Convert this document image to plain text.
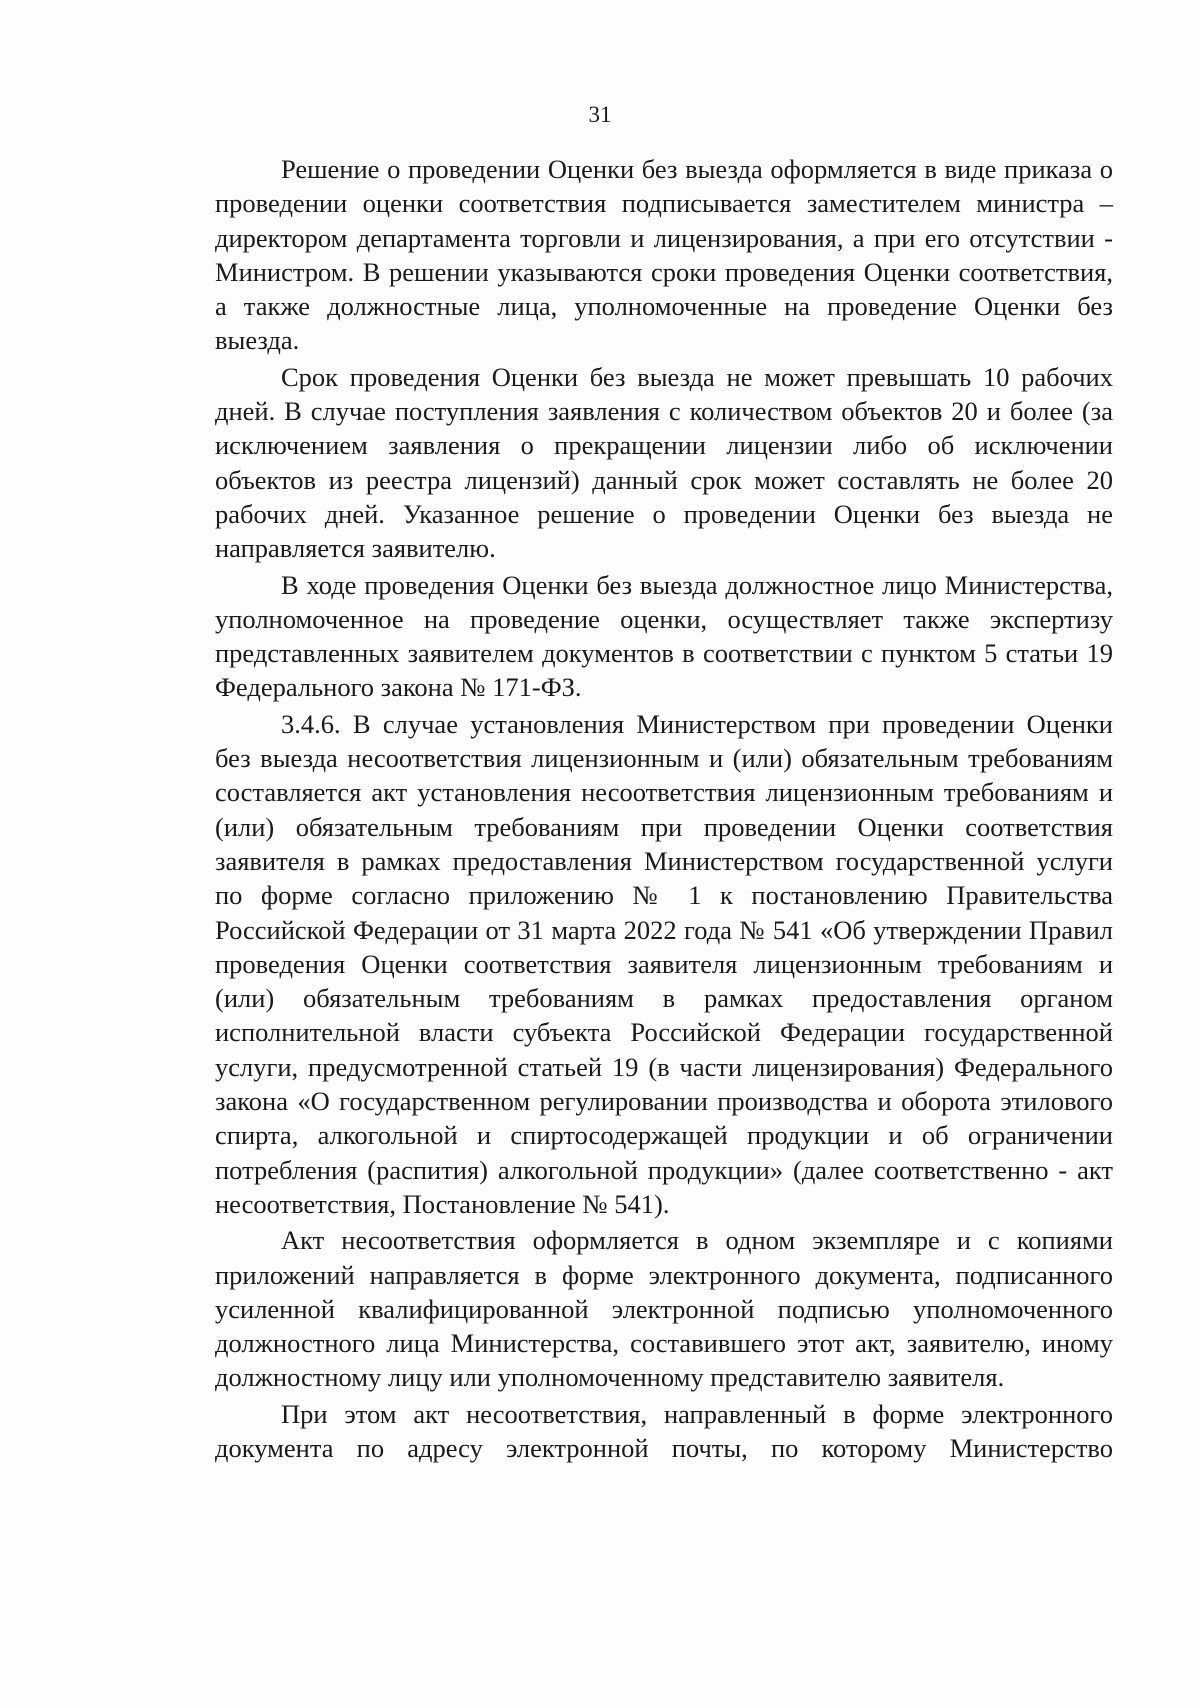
31

Решение о проведении Оценки без выезда оформляется в виде приказа о проведении оценки соответствия подписывается заместителем министра – директором департамента торговли и лицензирования, а при его отсутствии - Министром. В решении указываются сроки проведения Оценки соответствия, а также должностные лица, уполномоченные на проведение Оценки без выезда.

Срок проведения Оценки без выезда не может превышать 10 рабочих дней. В случае поступления заявления с количеством объектов 20 и более (за исключением заявления о прекращении лицензии либо об исключении объектов из реестра лицензий) данный срок может составлять не более 20 рабочих дней. Указанное решение о проведении Оценки без выезда не направляется заявителю.

В ходе проведения Оценки без выезда должностное лицо Министерства, уполномоченное на проведение оценки, осуществляет также экспертизу представленных заявителем документов в соответствии с пунктом 5 статьи 19 Федерального закона № 171-ФЗ.

3.4.6. В случае установления Министерством при проведении Оценки без выезда несоответствия лицензионным и (или) обязательным требованиям составляется акт установления несоответствия лицензионным требованиям и (или) обязательным требованиям при проведении Оценки соответствия заявителя в рамках предоставления Министерством государственной услуги по форме согласно приложению № 1 к постановлению Правительства Российской Федерации от 31 марта 2022 года № 541 «Об утверждении Правил проведения Оценки соответствия заявителя лицензионным требованиям и (или) обязательным требованиям в рамках предоставления органом исполнительной власти субъекта Российской Федерации государственной услуги, предусмотренной статьей 19 (в части лицензирования) Федерального закона «О государственном регулировании производства и оборота этилового спирта, алкогольной и спиртосодержащей продукции и об ограничении потребления (распития) алкогольной продукции» (далее соответственно - акт несоответствия, Постановление № 541).

Акт несоответствия оформляется в одном экземпляре и с копиями приложений направляется в форме электронного документа, подписанного усиленной квалифицированной электронной подписью уполномоченного должностного лица Министерства, составившего этот акт, заявителю, иному должностному лицу или уполномоченному представителю заявителя.

При этом акт несоответствия, направленный в форме электронного документа по адресу электронной почты, по которому Министерство
